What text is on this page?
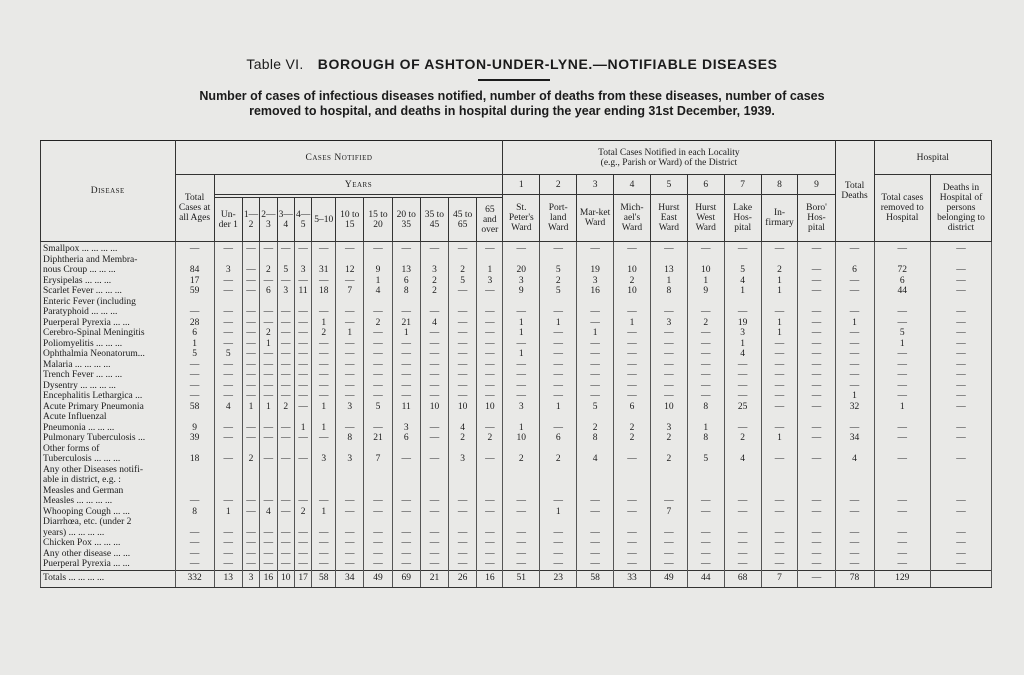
Table VI. BOROUGH OF ASHTON-UNDER-LYNE.—NOTIFIABLE DISEASES
Number of cases of infectious diseases notified, number of deaths from these diseases, number of cases
removed to hospital, and deaths in hospital during the year ending 31st December, 1939.
Disease	Cases Notified													Total Cases Notified in each Locality
(e.g., Parish or Ward) of the District									Total Deaths	Hospital	
	Total Cases at all Ages	Years												1	2	3	4	5	6	7	8	9		Total cases removed to Hospital	Deaths in Hospital of persons belonging to district
														St. Peter's Ward	Port-land Ward	Mar-ket Ward	Mich-ael's Ward	Hurst East Ward	Hurst West Ward	Lake Hos-pital	In-firmary	Boro' Hos-pital			
		Un-der 1	1—2	2—3	3—4	4—5	5–10	10 to 15	15 to 20	20 to 35	35 to 45	45 to 65	65 and over												
Smallpox ... ... ... ...	—	—	—	—	—	—	—	—	—	—	—	—	—	—	—	—	—	—	—	—	—	—	—	—	—
Diphtheria and Membra-																									
nous Croup ... ... ...	84	3	—	2	5	3	31	12	9	13	3	2	1	20	5	19	10	13	10	5	2	—	6	72	—
Erysipelas ... ... ...	17	—	—	—	—	—	—	—	1	6	2	5	3	3	2	3	2	1	1	4	1	—	—	6	—
Scarlet Fever ... ... ...	59	—	—	6	3	11	18	7	4	8	2	—	—	9	5	16	10	8	9	1	1	—	—	44	—
Enteric Fever (including																									
Paratyphoid ... ... ...	—	—	—	—	—	—	—	—	—	—	—	—	—	—	—	—	—	—	—	—	—	—	—	—	—
Puerperal Pyrexia ... ...	28	—	—	—	—	—	1	—	2	21	4	—	—	1	1	—	1	3	2	19	1	—	1	—	—
Cerebro-Spinal Meningitis	6	—	—	2	—	—	2	1	—	1	—	—	—	1	—	1	—	—	—	3	1	—	—	5	—
Poliomyelitis ... ... ...	1	—	—	1	—	—	—	—	—	—	—	—	—	—	—	—	—	—	—	1	—	—	—	1	—
Ophthalmia Neonatorum...	5	5	—	—	—	—	—	—	—	—	—	—	—	1	—	—	—	—	—	4	—	—	—	—	—
Malaria ... ... ... ...	—	—	—	—	—	—	—	—	—	—	—	—	—	—	—	—	—	—	—	—	—	—	—	—	—
Trench Fever ... ... ...	—	—	—	—	—	—	—	—	—	—	—	—	—	—	—	—	—	—	—	—	—	—	—	—	—
Dysentry ... ... ... ...	—	—	—	—	—	—	—	—	—	—	—	—	—	—	—	—	—	—	—	—	—	—	—	—	—
Encephalitis Lethargica ...	—	—	—	—	—	—	—	—	—	—	—	—	—	—	—	—	—	—	—	—	—	—	1	—	—
Acute Primary Pneumonia	58	4	1	1	2	—	1	3	5	11	10	10	10	3	1	5	6	10	8	25	—	—	32	1	—
Acute Influenzal																									
Pneumonia ... ... ...	9	—	—	—	—	1	1	—	—	3	—	4	—	1	—	2	2	3	1	—	—	—	—	—	—
Pulmonary Tuberculosis ...	39	—	—	—	—	—	—	8	21	6	—	2	2	10	6	8	2	2	8	2	1	—	34	—	—
Other forms of																									
Tuberculosis ... ... ...	18	—	2	—	—	—	3	3	7	—	—	3	—	2	2	4	—	2	5	4	—	—	4	—	—
Any other Diseases notifi-																									
able in district, e.g. :																									
Measles and German																									
Measles ... ... ... ...	—	—	—	—	—	—	—	—	—	—	—	—	—	—	—	—	—	—	—	—	—	—	—	—	—
Whooping Cough ... ...	8	1	—	4	—	2	1	—	—	—	—	—	—	—	1	—	—	7	—	—	—	—	—	—	—
Diarrhœa, etc. (under 2																									
years) ... ... ... ...	—	—	—	—	—	—	—	—	—	—	—	—	—	—	—	—	—	—	—	—	—	—	—	—	—
Chicken Pox ... ... ...	—	—	—	—	—	—	—	—	—	—	—	—	—	—	—	—	—	—	—	—	—	—	—	—	—
Any other disease ... ...	—	—	—	—	—	—	—	—	—	—	—	—	—	—	—	—	—	—	—	—	—	—	—	—	—
Puerperal Pyrexia ... ...	—	—	—	—	—	—	—	—	—	—	—	—	—	—	—	—	—	—	—	—	—	—	—	—	—
Totals ... ... ... ...	332	13	3	16	10	17	58	34	49	69	21	26	16	51	23	58	33	49	44	68	7	—	78	129	
